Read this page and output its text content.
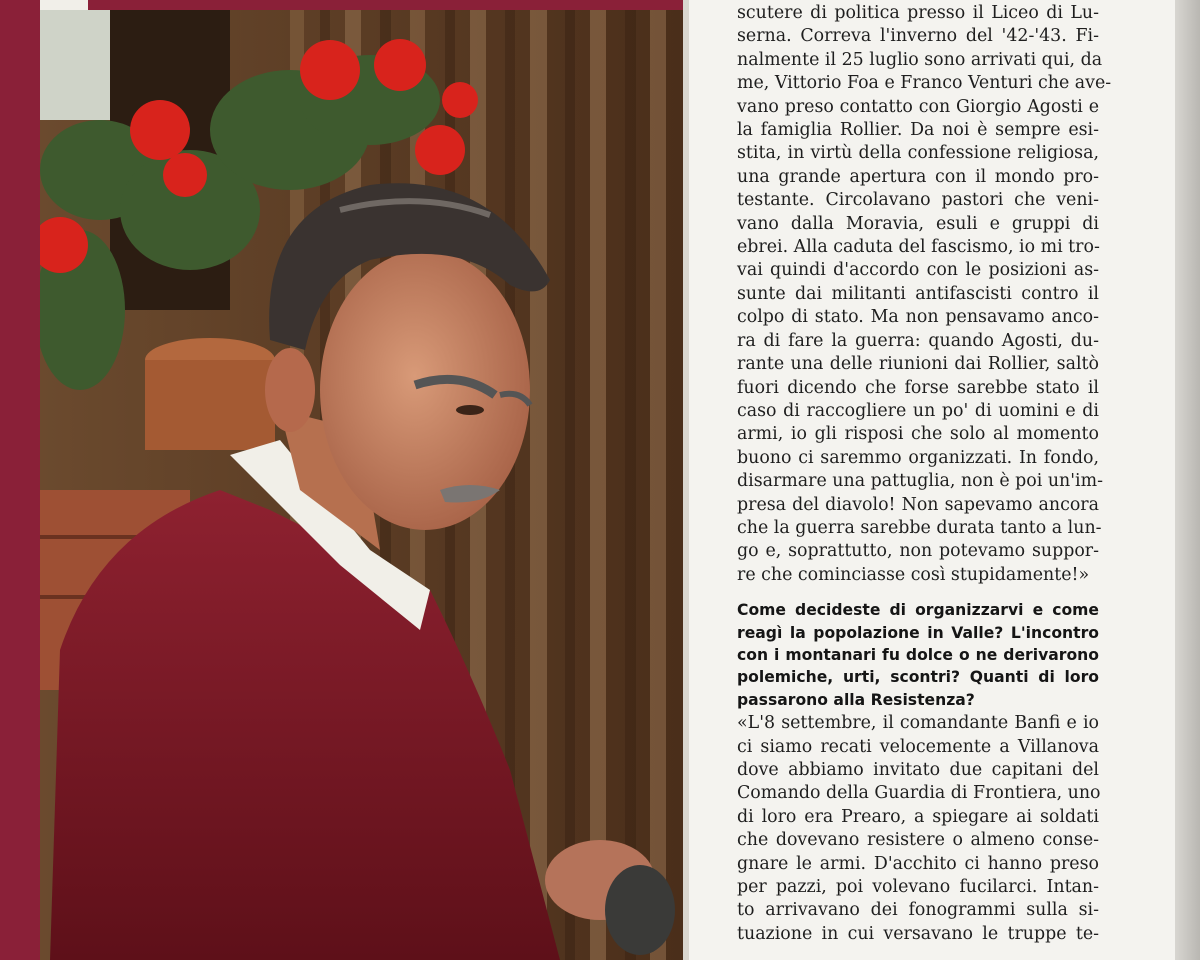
scutere di politica presso il Liceo di Lu-
serna. Correva l'inverno del '42-'43. Fi-
nalmente il 25 luglio sono arrivati qui, da
me, Vittorio Foa e Franco Venturi che ave-
vano preso contatto con Giorgio Agosti e
la famiglia Rollier. Da noi è sempre esi-
stita, in virtù della confessione religiosa,
una grande apertura con il mondo pro-
testante. Circolavano pastori che veni-
vano dalla Moravia, esuli e gruppi di
ebrei. Alla caduta del fascismo, io mi tro-
vai quindi d'accordo con le posizioni as-
sunte dai militanti antifascisti contro il
colpo di stato. Ma non pensavamo anco-
ra di fare la guerra: quando Agosti, du-
rante una delle riunioni dai Rollier, saltò
fuori dicendo che forse sarebbe stato il
caso di raccogliere un po' di uomini e di
armi, io gli risposi che solo al momento
buono ci saremmo organizzati. In fondo,
disarmare una pattuglia, non è poi un'im-
presa del diavolo! Non sapevamo ancora
che la guerra sarebbe durata tanto a lun-
go e, soprattutto, non potevamo suppor-
re che cominciasse così stupidamente!»
Come decideste di organizzarvi e come
reagì la popolazione in Valle? L'incontro
con i montanari fu dolce o ne derivarono
polemiche, urti, scontri? Quanti di loro
passarono alla Resistenza?
«L'8 settembre, il comandante Banfi e io
ci siamo recati velocemente a Villanova
dove abbiamo invitato due capitani del
Comando della Guardia di Frontiera, uno
di loro era Prearo, a spiegare ai soldati
che dovevano resistere o almeno conse-
gnare le armi. D'acchito ci hanno preso
per pazzi, poi volevano fucilarci. Intan-
to arrivavano dei fonogrammi sulla si-
tuazione in cui versavano le truppe te-
